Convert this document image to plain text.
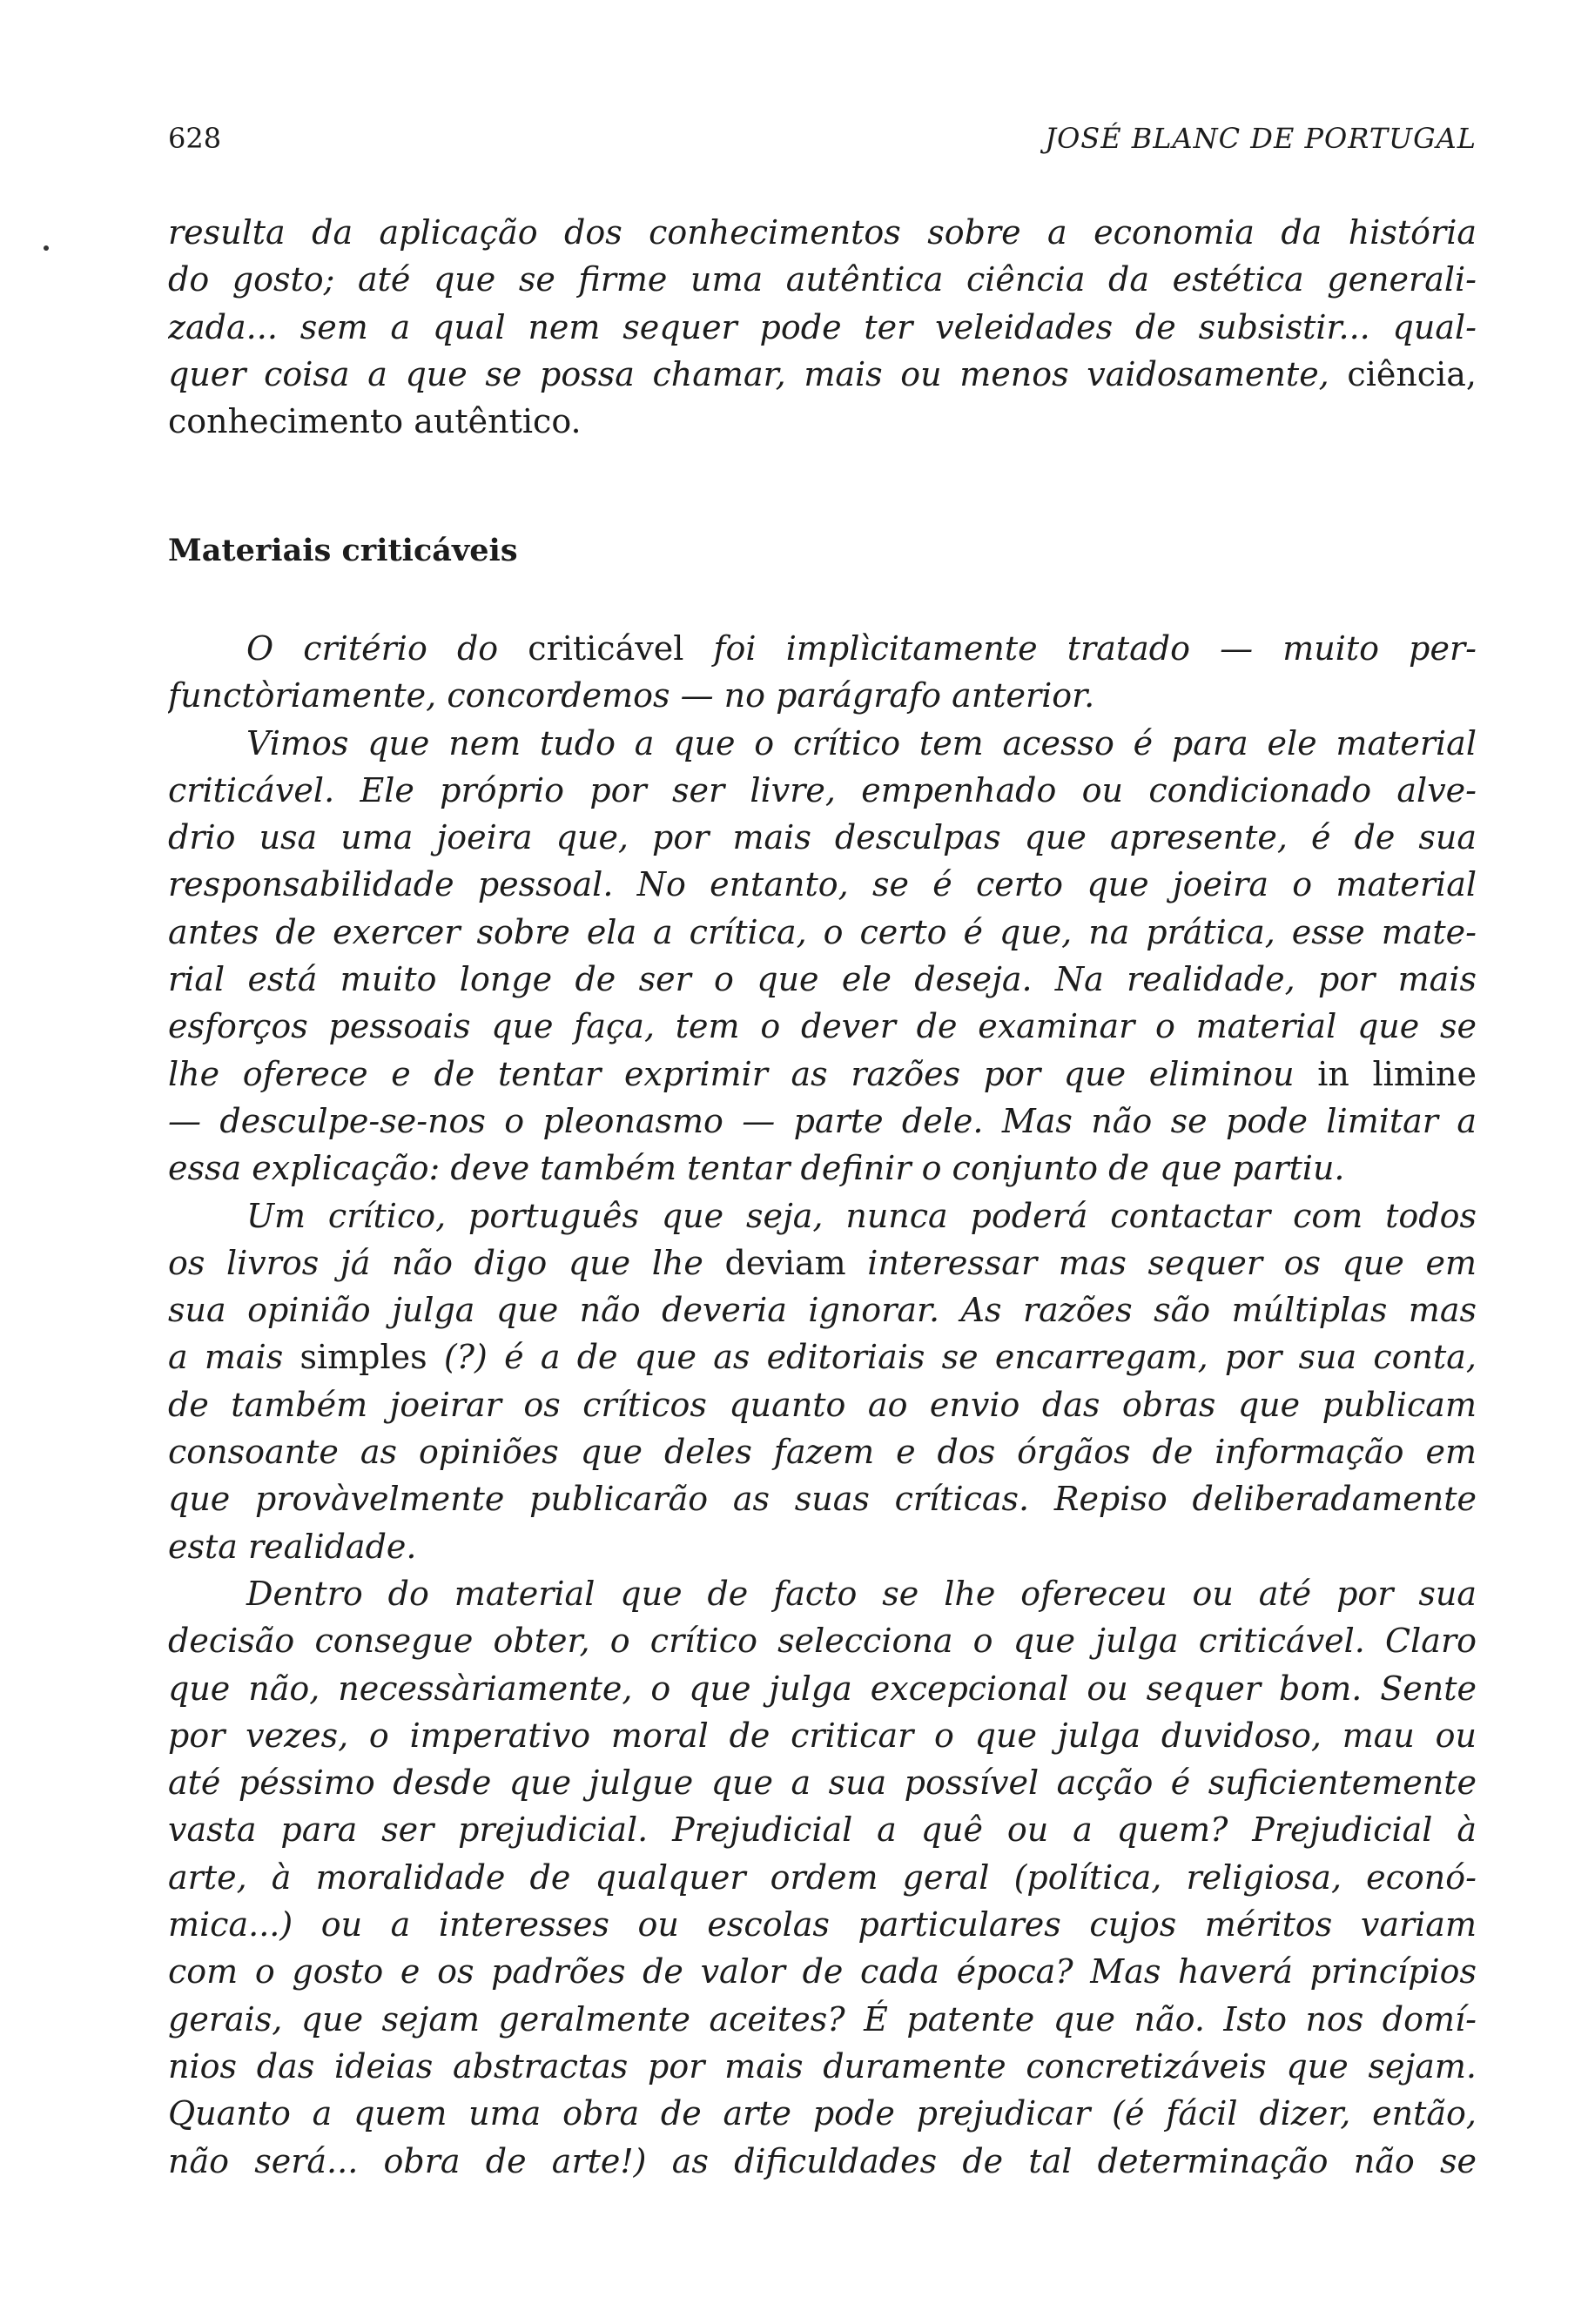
628	JOSÉ BLANC DE PORTUGAL
resulta da aplicação dos conhecimentos sobre a economia da história
do gosto; até que se firme uma autêntica ciência da estética generali-
zada... sem a qual nem sequer pode ter veleidades de subsistir... qual-
quer coisa a que se possa chamar, mais ou menos vaidosamente, ciência,
conhecimento autêntico.
Materiais criticáveis
O critério do criticável foi implìcitamente tratado — muito per-
functòriamente, concordemos — no parágrafo anterior.
Vimos que nem tudo a que o crítico tem acesso é para ele material
criticável. Ele próprio por ser livre, empenhado ou condicionado alve-
drio usa uma joeira que, por mais desculpas que apresente, é de sua
responsabilidade pessoal. No entanto, se é certo que joeira o material
antes de exercer sobre ela a crítica, o certo é que, na prática, esse mate-
rial está muito longe de ser o que ele deseja. Na realidade, por mais
esforços pessoais que faça, tem o dever de examinar o material que se
lhe oferece e de tentar exprimir as razões por que eliminou in limine
— desculpe-se-nos o pleonasmo — parte dele. Mas não se pode limitar a
essa explicação: deve também tentar definir o conjunto de que partiu.
Um crítico, português que seja, nunca poderá contactar com todos
os livros já não digo que lhe deviam interessar mas sequer os que em
sua opinião julga que não deveria ignorar. As razões são múltiplas mas
a mais simples (?) é a de que as editoriais se encarregam, por sua conta,
de também joeirar os críticos quanto ao envio das obras que publicam
consoante as opiniões que deles fazem e dos órgãos de informação em
que provàvelmente publicarão as suas críticas. Repiso deliberadamente
esta realidade.
Dentro do material que de facto se lhe ofereceu ou até por sua
decisão consegue obter, o crítico selecciona o que julga criticável. Claro
que não, necessàriamente, o que julga excepcional ou sequer bom. Sente
por vezes, o imperativo moral de criticar o que julga duvidoso, mau ou
até péssimo desde que julgue que a sua possível acção é suficientemente
vasta para ser prejudicial. Prejudicial a quê ou a quem? Prejudicial à
arte, à moralidade de qualquer ordem geral (política, religiosa, econó-
mica...) ou a interesses ou escolas particulares cujos méritos variam
com o gosto e os padrões de valor de cada época? Mas haverá princípios
gerais, que sejam geralmente aceites? É patente que não. Isto nos domí-
nios das ideias abstractas por mais duramente concretizáveis que sejam.
Quanto a quem uma obra de arte pode prejudicar (é fácil dizer, então,
não será... obra de arte!) as dificuldades de tal determinação não se
